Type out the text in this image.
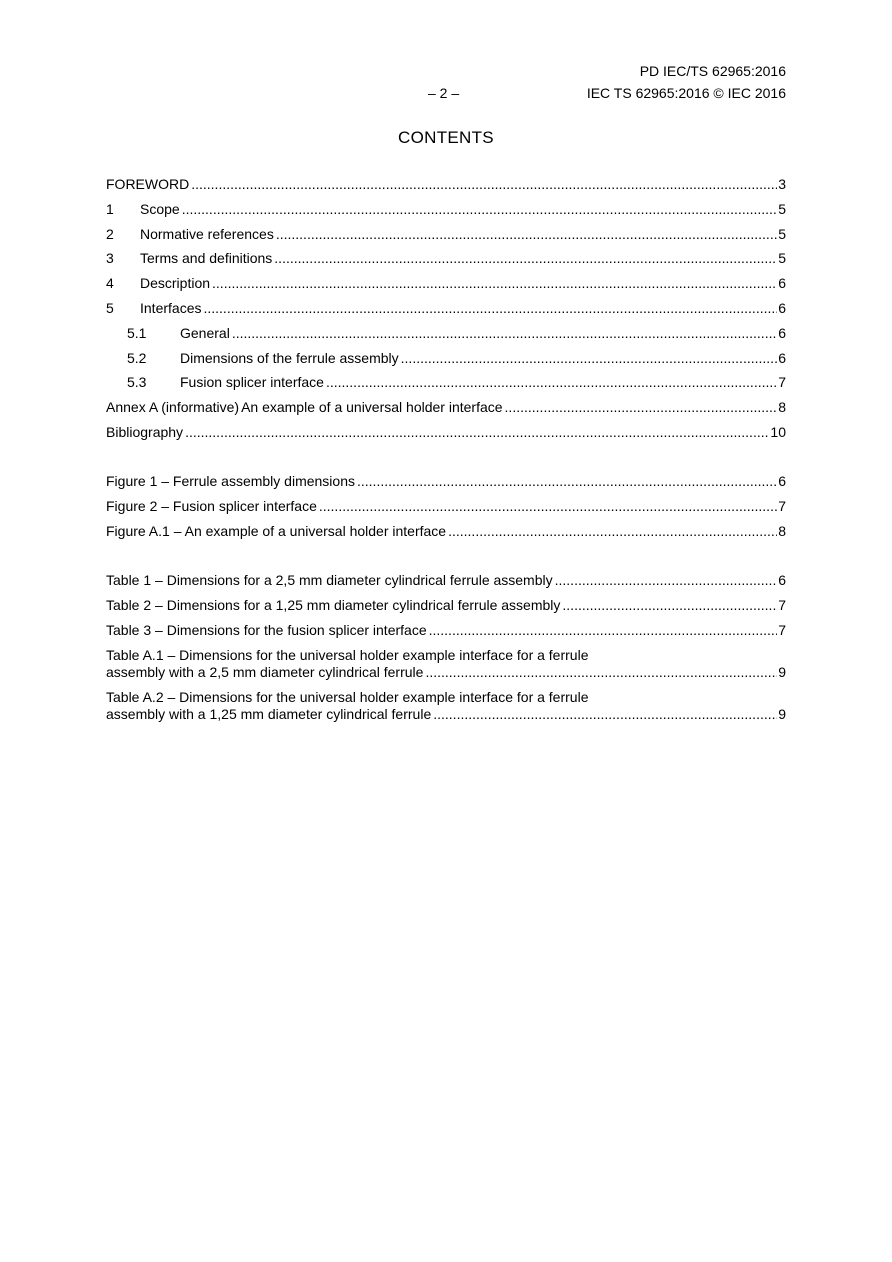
PD IEC/TS 62965:2016
– 2 –	IEC TS 62965:2016 © IEC 2016
CONTENTS
FOREWORD .....	3
1	Scope .....	5
2	Normative references .....	5
3	Terms and definitions .....	5
4	Description .....	6
5	Interfaces .....	6
5.1	General .....	6
5.2	Dimensions of the ferrule assembly .....	6
5.3	Fusion splicer interface .....	7
Annex A (informative) An example of a universal holder interface .....	8
Bibliography .....	10
Figure 1 – Ferrule assembly dimensions .....	6
Figure 2 – Fusion splicer interface .....	7
Figure A.1 – An example of a universal holder interface .....	8
Table 1 – Dimensions for a 2,5 mm diameter cylindrical ferrule assembly .....	6
Table 2 – Dimensions for a 1,25 mm diameter cylindrical ferrule assembly .....	7
Table 3 – Dimensions for the fusion splicer interface .....	7
Table A.1 – Dimensions for the universal holder example interface for a ferrule
assembly with a 2,5 mm diameter cylindrical ferrule .....	9
Table A.2 – Dimensions for the universal holder example interface for a ferrule
assembly with a 1,25 mm diameter cylindrical ferrule .....	9
